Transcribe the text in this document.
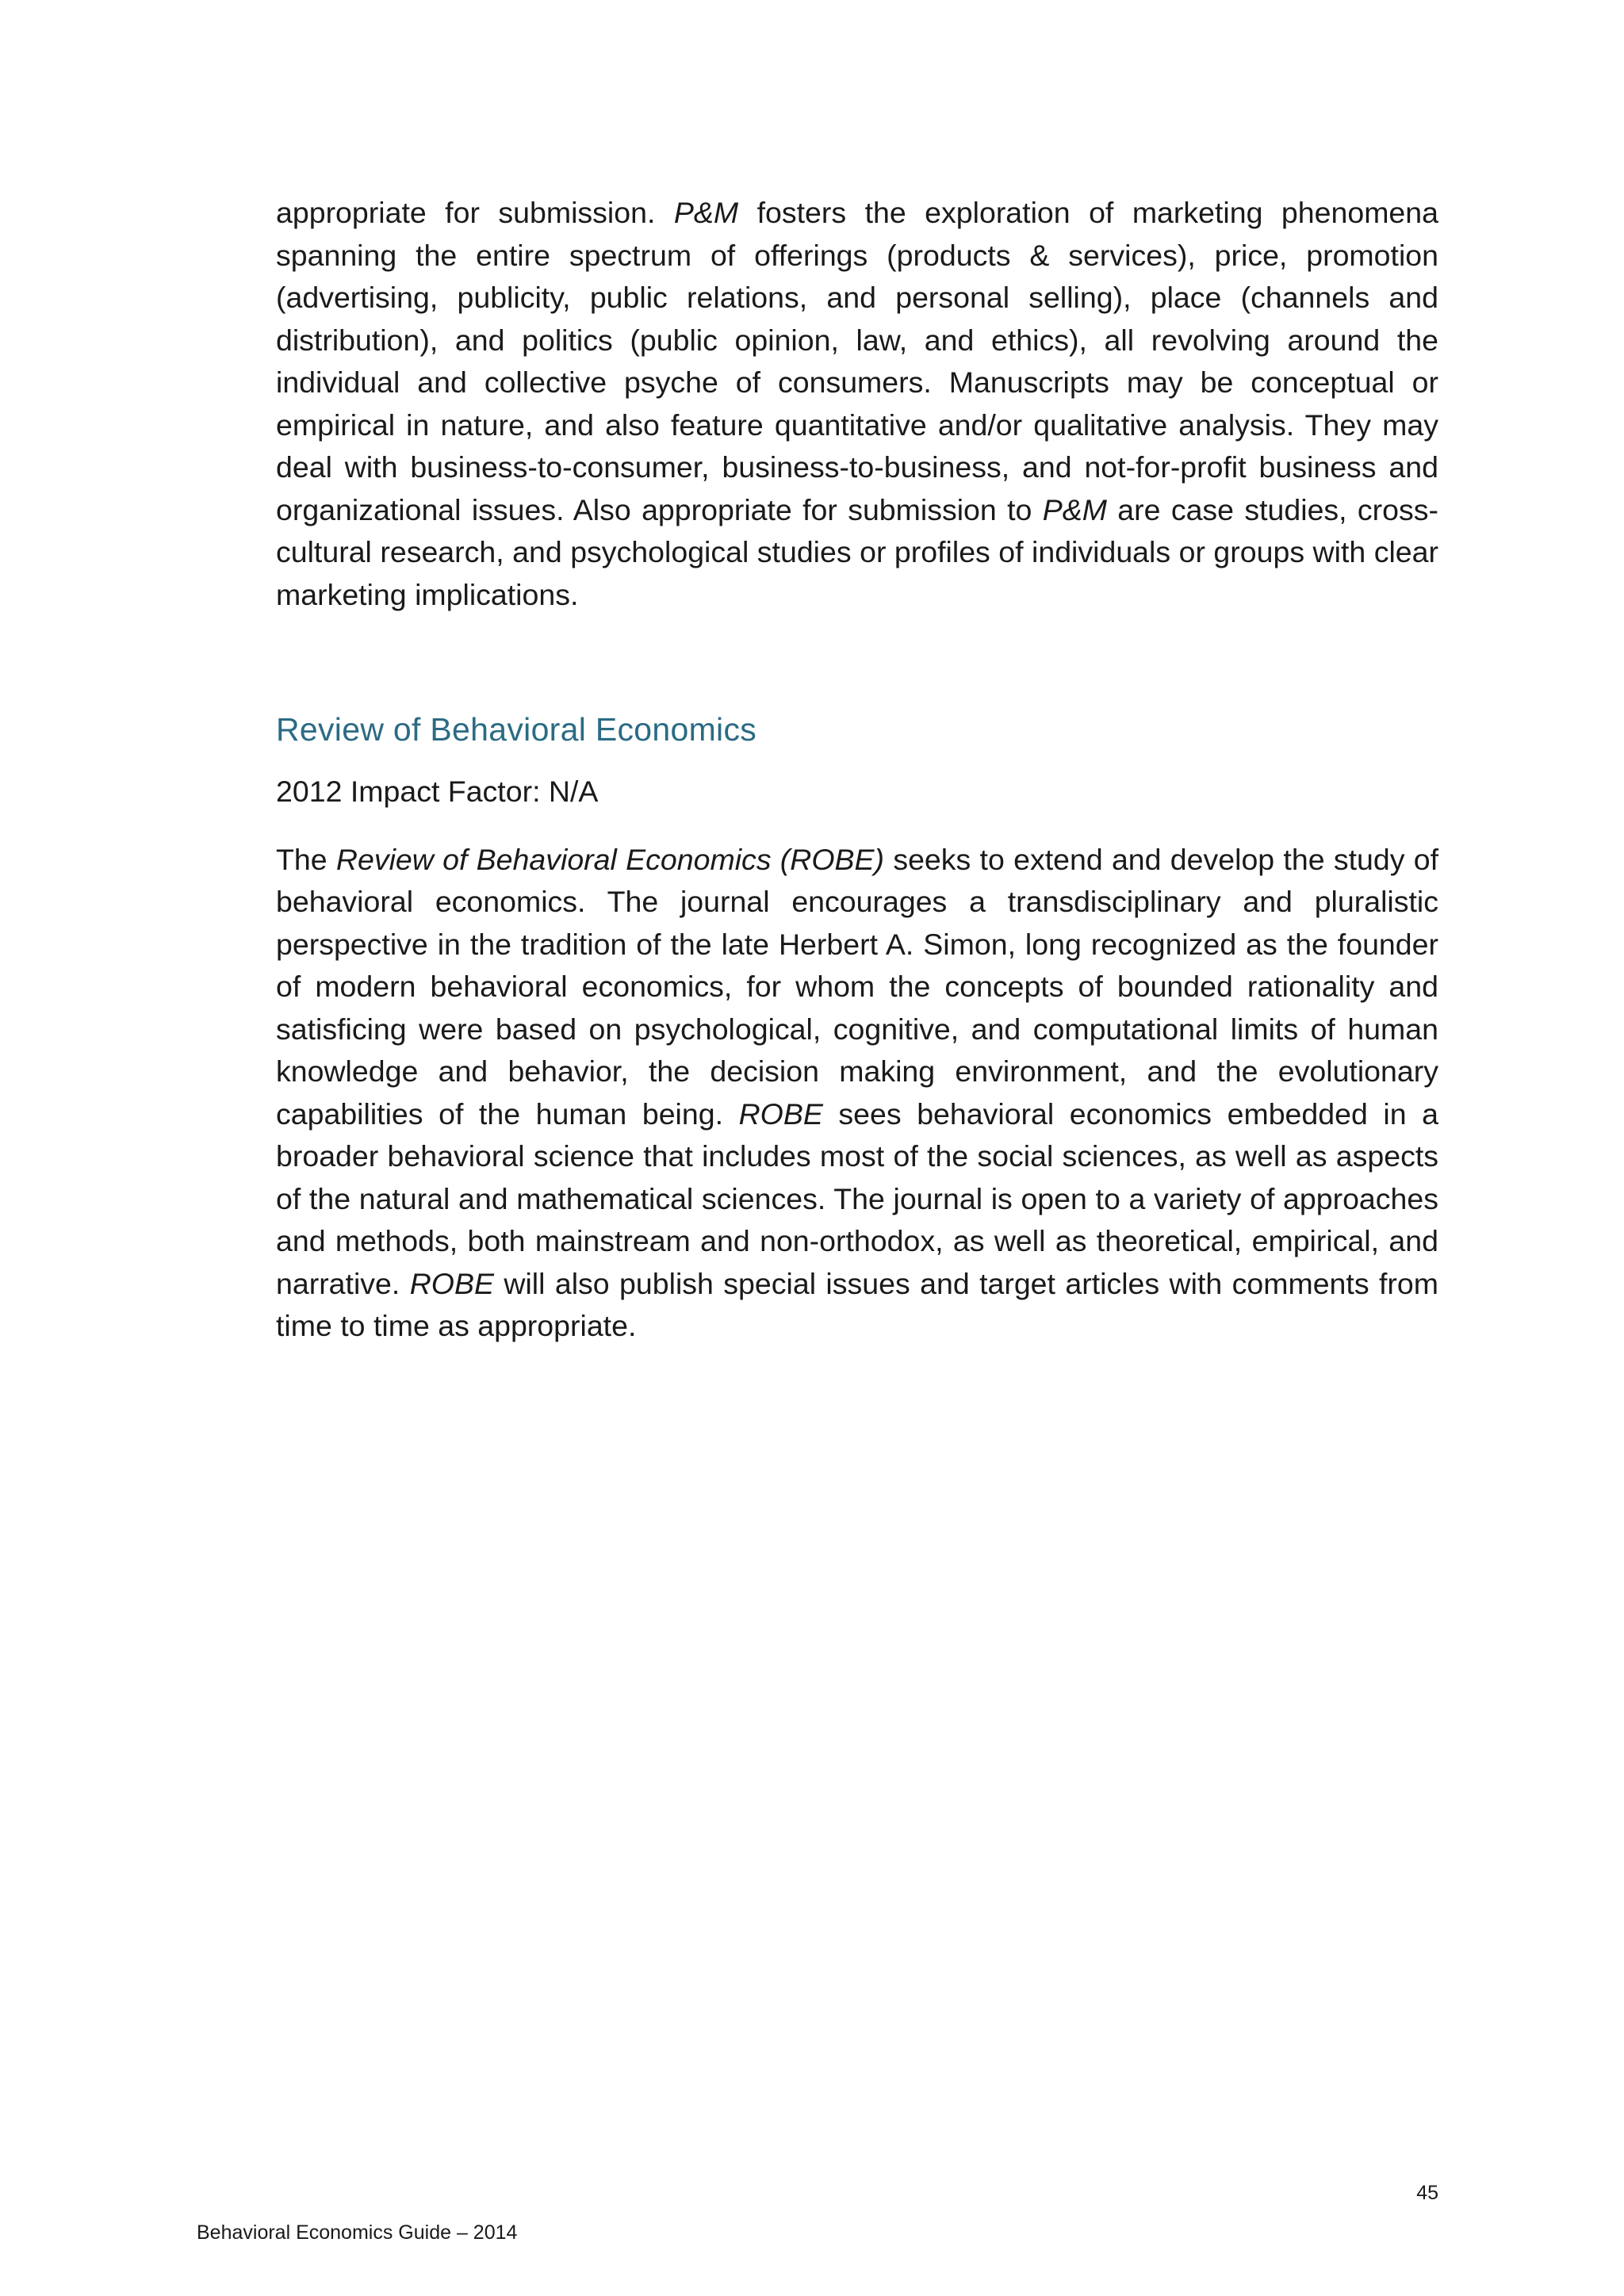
appropriate for submission. P&M fosters the exploration of marketing phenomena spanning the entire spectrum of offerings (products & services), price, promotion (advertising, publicity, public relations, and personal selling), place (channels and distribution), and politics (public opinion, law, and ethics), all revolving around the individual and collective psyche of consumers. Manuscripts may be conceptual or empirical in nature, and also feature quantitative and/or qualitative analysis. They may deal with business-to-consumer, business-to-business, and not-for-profit business and organizational issues. Also appropriate for submission to P&M are case studies, cross-cultural research, and psychological studies or profiles of individuals or groups with clear marketing implications.

Review of Behavioral Economics

2012 Impact Factor: N/A

The Review of Behavioral Economics (ROBE) seeks to extend and develop the study of behavioral economics. The journal encourages a transdisciplinary and pluralistic perspective in the tradition of the late Herbert A. Simon, long recognized as the founder of modern behavioral economics, for whom the concepts of bounded rationality and satisficing were based on psychological, cognitive, and computational limits of human knowledge and behavior, the decision making environment, and the evolutionary capabilities of the human being. ROBE sees behavioral economics embedded in a broader behavioral science that includes most of the social sciences, as well as aspects of the natural and mathematical sciences. The journal is open to a variety of approaches and methods, both mainstream and non-orthodox, as well as theoretical, empirical, and narrative. ROBE will also publish special issues and target articles with comments from time to time as appropriate.

45
Behavioral Economics Guide – 2014
